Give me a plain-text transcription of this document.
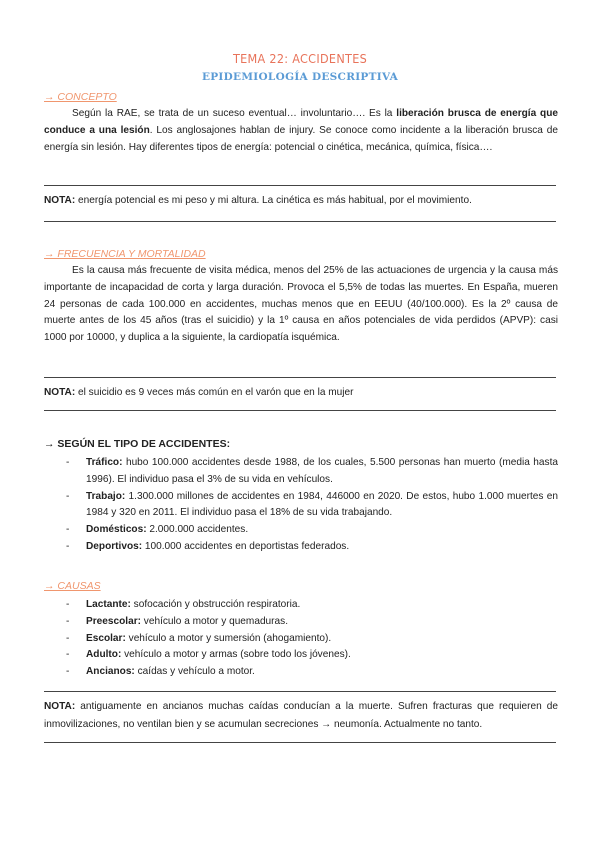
TEMA 22: ACCIDENTES
EPIDEMIOLOGÍA DESCRIPTIVA
→ CONCEPTO

Según la RAE, se trata de un suceso eventual… involuntario…. Es la liberación brusca de energía que conduce a una lesión. Los anglosajones hablan de injury. Se conoce como incidente a la liberación brusca de energía sin lesión. Hay diferentes tipos de energía: potencial o cinética, mecánica, química, física….

NOTA: energía potencial es mi peso y mi altura. La cinética es más habitual, por el movimiento.

→ FRECUENCIA Y MORTALIDAD

Es la causa más frecuente de visita médica, menos del 25% de las actuaciones de urgencia y la causa más importante de incapacidad de corta y larga duración. Provoca el 5,5% de todas las muertes. En España, mueren 24 personas de cada 100.000 en accidentes, muchas menos que en EEUU (40/100.000). Es la 2º causa de muerte antes de los 45 años (tras el suicidio) y la 1º causa en años potenciales de vida perdidos (APVP): casi 1000 por 10000, y duplica a la siguiente, la cardiopatía isquémica.

NOTA: el suicidio es 9 veces más común en el varón que en la mujer

→ SEGÚN EL TIPO DE ACCIDENTES:
- Tráfico: hubo 100.000 accidentes desde 1988, de los cuales, 5.500 personas han muerto (media hasta 1996). El individuo pasa el 3% de su vida en vehículos.
- Trabajo: 1.300.000 millones de accidentes en 1984, 446000 en 2020. De estos, hubo 1.000 muertes en 1984 y 320 en 2011. El individuo pasa el 18% de su vida trabajando.
- Domésticos: 2.000.000 accidentes.
- Deportivos: 100.000 accidentes en deportistas federados.
→ CAUSAS
- Lactante: sofocación y obstrucción respiratoria.
- Preescolar: vehículo a motor y quemaduras.
- Escolar: vehículo a motor y sumersión (ahogamiento).
- Adulto: vehículo a motor y armas (sobre todo los jóvenes).
- Ancianos: caídas y vehículo a motor.

NOTA: antiguamente en ancianos muchas caídas conducían a la muerte. Sufren fracturas que requieren de inmovilizaciones, no ventilan bien y se acumulan secreciones → neumonía. Actualmente no tanto.
